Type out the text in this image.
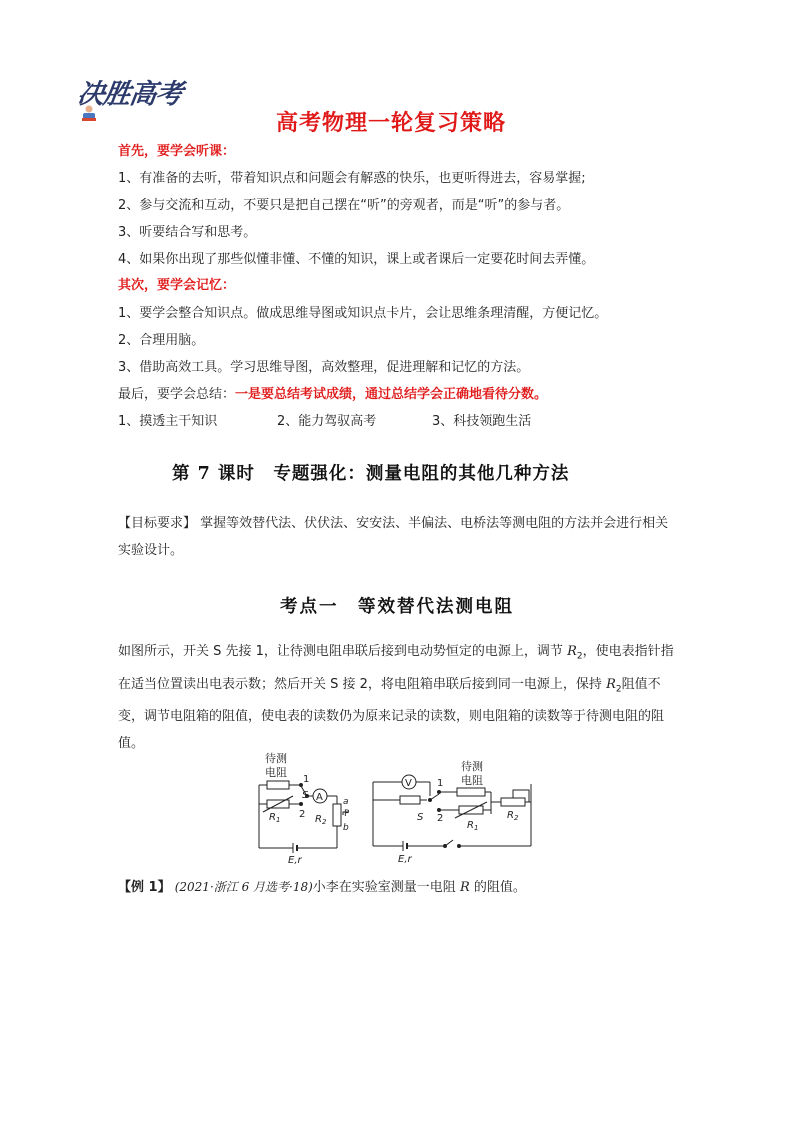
决胜高考
高考物理一轮复习策略
首先，要学会听课：
1、有准备的去听，带着知识点和问题会有解惑的快乐，也更听得进去，容易掌握;
2、参与交流和互动，不要只是把自己摆在“听”的旁观者，而是“听”的参与者。
3、听要结合写和思考。
4、如果你出现了那些似懂非懂、不懂的知识，课上或者课后一定要花时间去弄懂。
其次，要学会记忆：
1、要学会整合知识点。做成思维导图或知识点卡片，会让思维条理清醒，方便记忆。
2、合理用脑。
3、借助高效工具。学习思维导图，高效整理，促进理解和记忆的方法。
最后，要学会总结：一是要总结考试成绩，通过总结学会正确地看待分数。
1、摸透主干知识	2、能力驾驭高考	3、科技领跑生活
第 7 课时　专题强化：测量电阻的其他几种方法
【目标要求】 掌握等效替代法、伏伏法、安安法、半偏法、电桥法等测电阻的方法并会进行相关实验设计。
考点一　等效替代法测电阻
如图所示，开关 S 先接 1，让待测电阻串联后接到电动势恒定的电源上，调节 $R_2$，使电表指针指在适当位置读出电表示数；然后开关 S 接 2，将电阻箱串联后接到同一电源上，保持 $R_2$阻值不变，调节电阻箱的阻值，使电表的读数仍为原来记录的读数，则电阻箱的读数等于待测电阻的阻值。
待测
电阻
1
2
$R_1$
S A a
P
b
$R_2$
E,r
V
S
1
2
待测
电阻
$R_1$
$R_2$
E,r
【例 1】 (2021·浙江 6 月选考·18)小李在实验室测量一电阻 R 的阻值。
